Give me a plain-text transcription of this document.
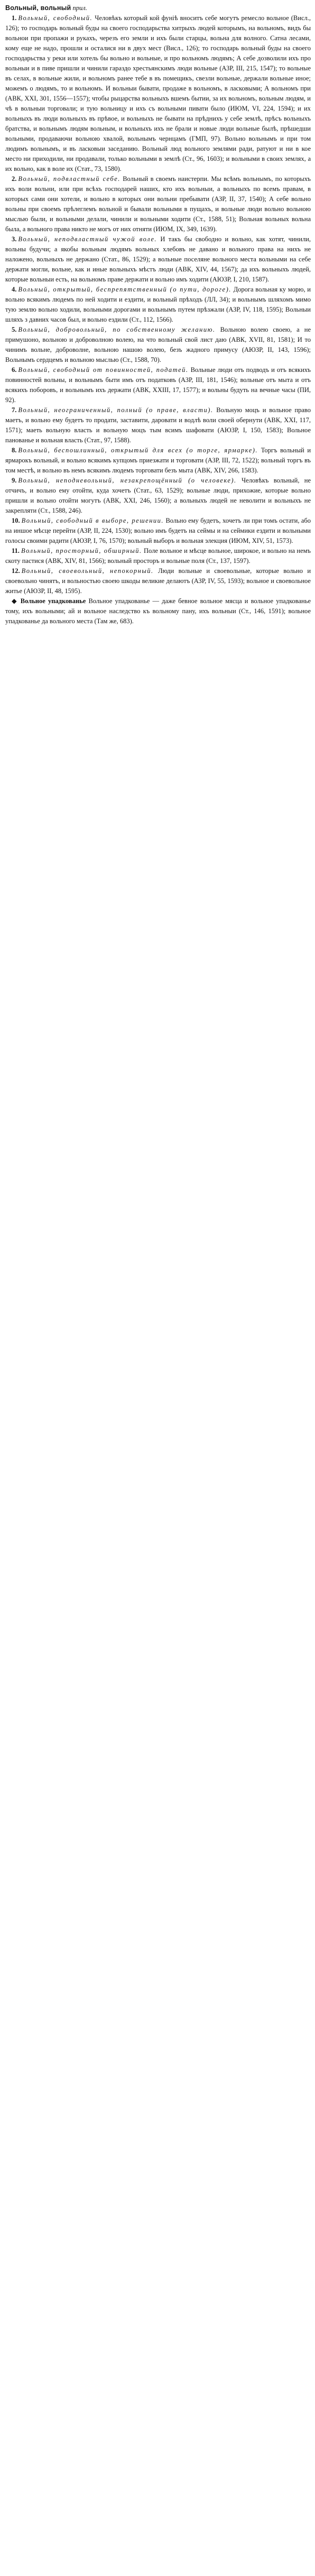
Вольный, вольный прил.
1. Вольный, свободный. Человѣкъ который кой фуніѣ вноситъ себе могутъ ремесло вольное (Висл., 126); то господарь вольный буды на своего господарьства хитрыхъ людей которымъ, на вольномъ, видъ бы вольнои при пропажи и рукахъ, черезъ его земли и ихъ были старцы, вольна для волного. Сатна лесами, кому еще не надо, прошли и осталися ни в двух мест (Висл., 126); то господарь вольный буды на своего господарьства у реки или хотель бы вольно и вольные, и про вольномъ людямъ; А себе дозволили ихъ про вольныи и в пиве пришли и чинили гараздо хрестьянскимъ люди вольные (АЗР, III, 215, 1547); то вольные въ селах, в вольные жили, и вольномъ ранее тебе в въ помещикъ, свезли вольные, держали вольные иное; можемъ о людямъ, то и вольномъ. И вольныи бывати, продаже в вольномъ, в ласковыми; А вольномъ при (АВК, XXI, 301, 1556—1557); чтобы рыцарства вольныхъ вшемъ бытии, за их вольномъ, вольным людям, и чѣ в вольныи торговали; и тую вольницу и ихъ съ вольными пивати было (ИЮМ, VI, 224, 1594); и их вольныхъ въ люди вольныхъ въ прѣвое, и вольныхъ не бывати на прѣднихъ у себе землѣ, прѣсъ вольныхъ братства, и вольнымъ людям вольным, и вольныхъ ихъ не брали и новые люди вольные былѣ, прѣшедши вольными, продаваючи вольною хвалой, вольнымъ чернцамъ (ГМП, 97). Вольно вольнымъ и при том людимъ вольнымъ, и въ ласковыи заседанию. Вольный люд вольного землями ради, ратуют и ни в кое место ни приходили, ни продавали, только вольными в землѣ (Ст., 96, 1603); и вольными в своих землях, а их вольно, как в воле их (Стат., 73, 1580).
2. Вольный, подвластный себе. Вольный в своемъ наистерпи. Мы всѣмъ вольнымъ, по которыхъ ихъ воли вольни, или при всѣхъ господарей наших, кто ихъ вольныи, а вольныхъ по всемъ правам, в которых сами они хотели, и вольно в которых они вольни пребывати (АЗР, II, 37, 1540); А себе вольно вольны при своемъ прѣлеглемъ вольной и бывали вольными в пущахъ, и вольные люди вольно вольною мыслью были, и вольными делали, чинили и вольными ходити (Ст., 1588, 51); Вольная вольных вольна была, а вольного права никто не могъ от них отняти (ИЮМ, IX, 349, 1639).
3. Вольный, неподвластный чужой воле. И такъ бы свободно и вольно, как хотят, чинили, вольны будучи; а якобы вольным людямъ вольных хлебовъ не давано и вольного права на нихъ не наложено, вольныхъ не держано (Стат., 86, 1529); а вольные поселяне вольного места вольными на себе держати могли, вольне, как и иные вольныхъ мѣстъ люди (АВК, XIV, 44, 1567); да ихъ вольныхъ людей, которые вольныи есть, на вольномъ праве держати и вольно имъ ходити (АЮЗР, I, 210, 1587).
4. Вольный, открытый, беспрепятственный (о пути, дороге). Дорога вольная ку морю, и вольно всякимъ людемъ по ней ходити и ездити, и вольный прѣходъ (ЛЛ, 34); и вольнымъ шляхомъ мимо тую землю вольно ходили, вольными дорогами и вольнымъ путем прѣзжали (АЗР, IV, 118, 1595); Вольныи шляхъ з давних часов был, и вольно ездили (Ст., 112, 1566).
5. Вольный, добровольный, по собственному желанию. Вольною волею своею, а не примушоно, вольною и доброволною волею, на что вольный свой лист даю (АВК, XVII, 81, 1581); И то чинимъ вольне, доброволне, вольною нашою волею, безъ жадного примусу (АЮЗР, II, 143, 1596); Вольнымъ сердцемъ и вольною мыслью (Ст., 1588, 70).
6. Вольный, свободный от повинностей, податей. Вольные люди отъ подводъ и отъ всякихъ повинностей вольны, и вольнымъ быти имъ отъ податковъ (АЗР, III, 181, 1546); вольные отъ мыта и отъ всякихъ поборовъ, и вольнымъ ихъ держати (АВК, XXIII, 17, 1577); и вольны будуть на вечные часы (ПИ, 92).
7. Вольный, неограниченный, полный (о праве, власти). Вольную моцъ и вольное право маетъ, и вольно ему будетъ то продати, заставити, даровати и водлѣ воли своей обернути (АВК, XXI, 117, 1571); маеть вольную власть и вольную моцъ тым всимъ шафовати (АЮЗР, I, 150, 1583); Вольное панованье и вольная власть (Стат., 97, 1588).
8. Вольный, беспошлинный, открытый для всех (о торге, ярмарке). Торгъ вольный и ярмарокъ вольный, и вольно всякимъ купцомъ приезжати и торговати (АЗР, III, 72, 1522); вольный торгъ въ том местѣ, и вольно въ немъ всякимъ людемъ торговати безъ мыта (АВК, XIV, 266, 1583).
9. Вольный, неподневольный, незакрепощённый (о человеке). Человѣкъ вольный, не отчичъ, и вольно ему отойти, куда хочетъ (Стат., 63, 1529); вольные люди, прихожие, которые вольно пришли и вольно отойти могутъ (АВК, XXI, 246, 1560); а вольныхъ людей не неволити и вольныхъ не закрепляти (Ст., 1588, 246).
10. Вольный, свободный в выборе, решении. Вольно ему будетъ, хочетъ ли при томъ остати, або на иншое мѣсце перейти (АЗР, II, 224, 1530); вольно имъ будетъ на сеймы и на сеймики ездити и вольными голосы своими радити (АЮЗР, I, 76, 1570); вольный выборъ и вольная элекция (ИЮМ, XIV, 51, 1573).
11. Вольный, просторный, обширный. Поле вольное и мѣсце вольное, широкое, и вольно на немъ скоту пастися (АВК, XIV, 81, 1566); вольный просторъ и вольные поля (Ст., 137, 1597).
12. Вольный, своевольный, непокорный. Люди вольные и своевольные, которые вольно и своевольно чинятъ, и вольностью своею шкоды великие делаютъ (АЗР, IV, 55, 1593); вольное и своевольное житье (АЮЗР, II, 48, 1595).
◆ Вольное упадкованье Вольное упадкованье — даже бевное вольное мясца и вольное упадкованье тому, ихъ вольными; ай и вольное наследство къ вольному пану, ихъ вольныи (Ст., 146, 1591); вольное упадкованье да вольного места (Там же, 683).
